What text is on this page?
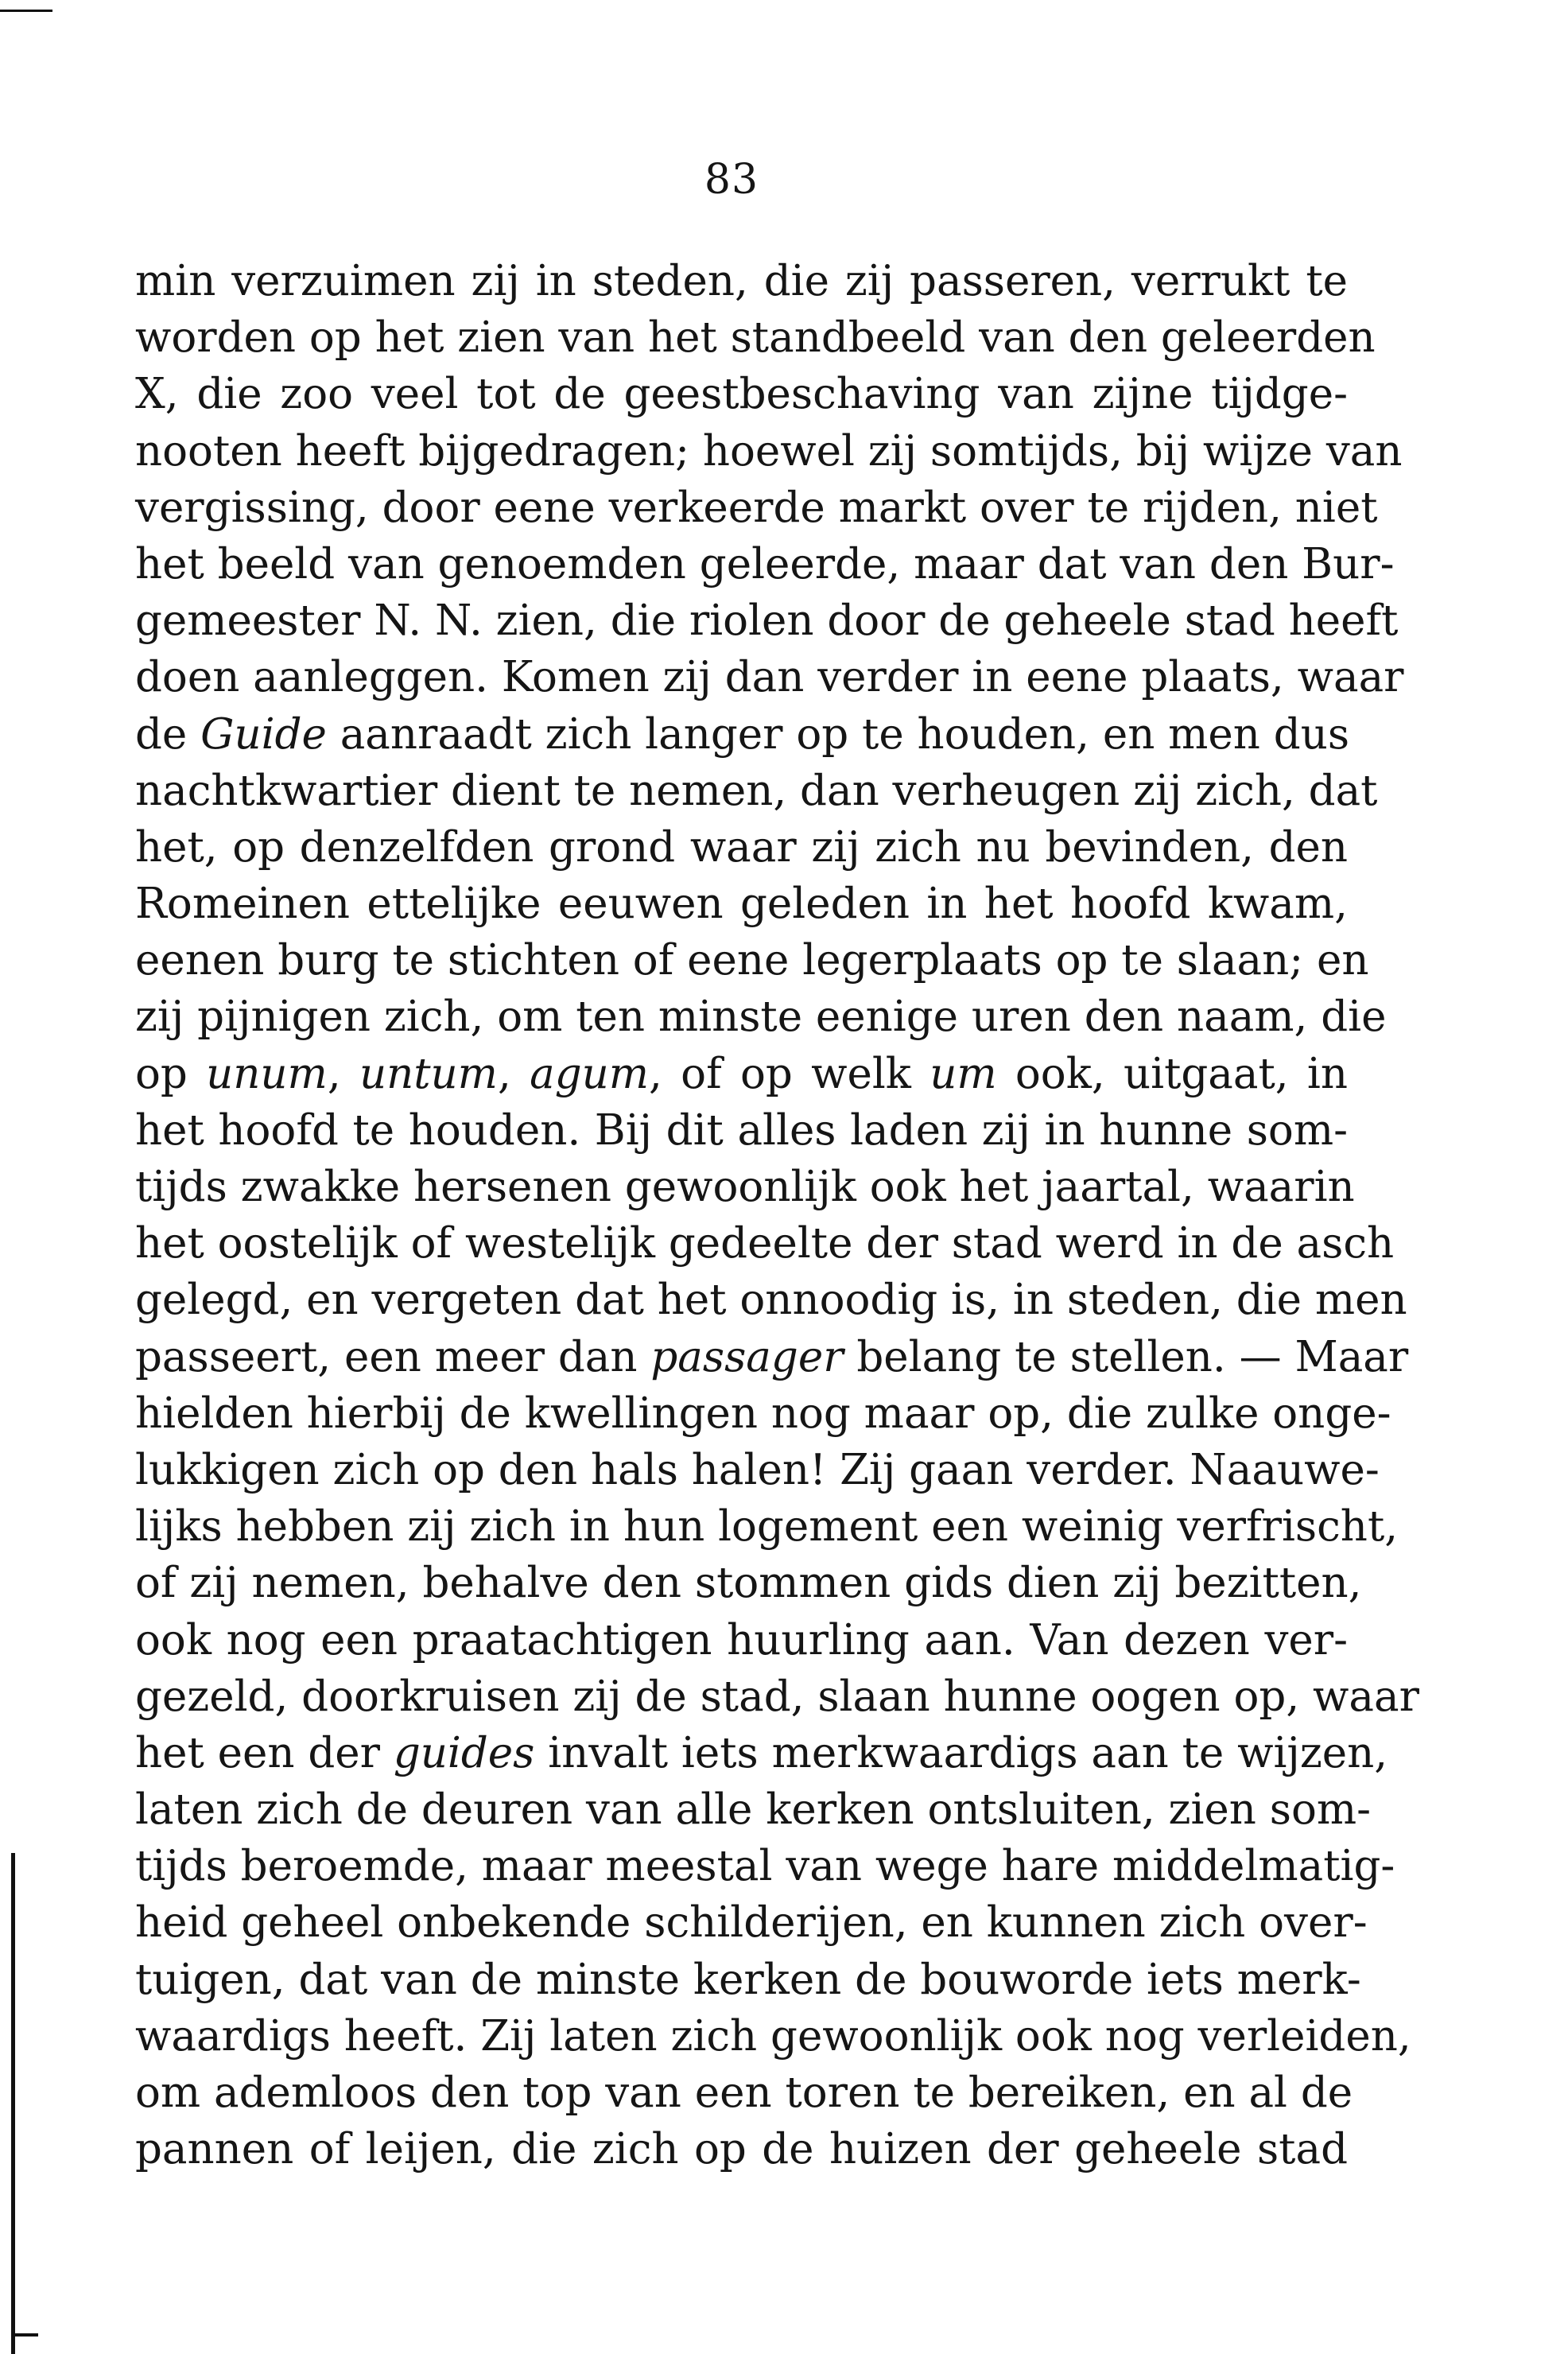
83
min verzuimen zij in steden, die zij passeren, verrukt te
worden op het zien van het standbeeld van den geleerden
X, die zoo veel tot de geestbeschaving van zijne tijdge-
nooten heeft bijgedragen; hoewel zij somtijds, bij wijze van
vergissing, door eene verkeerde markt over te rijden, niet
het beeld van genoemden geleerde, maar dat van den Bur-
gemeester N. N. zien, die riolen door de geheele stad heeft
doen aanleggen. Komen zij dan verder in eene plaats, waar
de Guide aanraadt zich langer op te houden, en men dus
nachtkwartier dient te nemen, dan verheugen zij zich, dat
het, op denzelfden grond waar zij zich nu bevinden, den
Romeinen ettelijke eeuwen geleden in het hoofd kwam,
eenen burg te stichten of eene legerplaats op te slaan; en
zij pijnigen zich, om ten minste eenige uren den naam, die
op unum, untum, agum, of op welk um ook, uitgaat, in
het hoofd te houden. Bij dit alles laden zij in hunne som-
tijds zwakke hersenen gewoonlijk ook het jaartal, waarin
het oostelijk of westelijk gedeelte der stad werd in de asch
gelegd, en vergeten dat het onnoodig is, in steden, die men
passeert, een meer dan passager belang te stellen. — Maar
hielden hierbij de kwellingen nog maar op, die zulke onge-
lukkigen zich op den hals halen! Zij gaan verder. Naauwe-
lijks hebben zij zich in hun logement een weinig verfrischt,
of zij nemen, behalve den stommen gids dien zij bezitten,
ook nog een praatachtigen huurling aan. Van dezen ver-
gezeld, doorkruisen zij de stad, slaan hunne oogen op, waar
het een der guides invalt iets merkwaardigs aan te wijzen,
laten zich de deuren van alle kerken ontsluiten, zien som-
tijds beroemde, maar meestal van wege hare middelmatig-
heid geheel onbekende schilderijen, en kunnen zich over-
tuigen, dat van de minste kerken de bouworde iets merk-
waardigs heeft. Zij laten zich gewoonlijk ook nog verleiden,
om ademloos den top van een toren te bereiken, en al de
pannen of leijen, die zich op de huizen der geheele stad
